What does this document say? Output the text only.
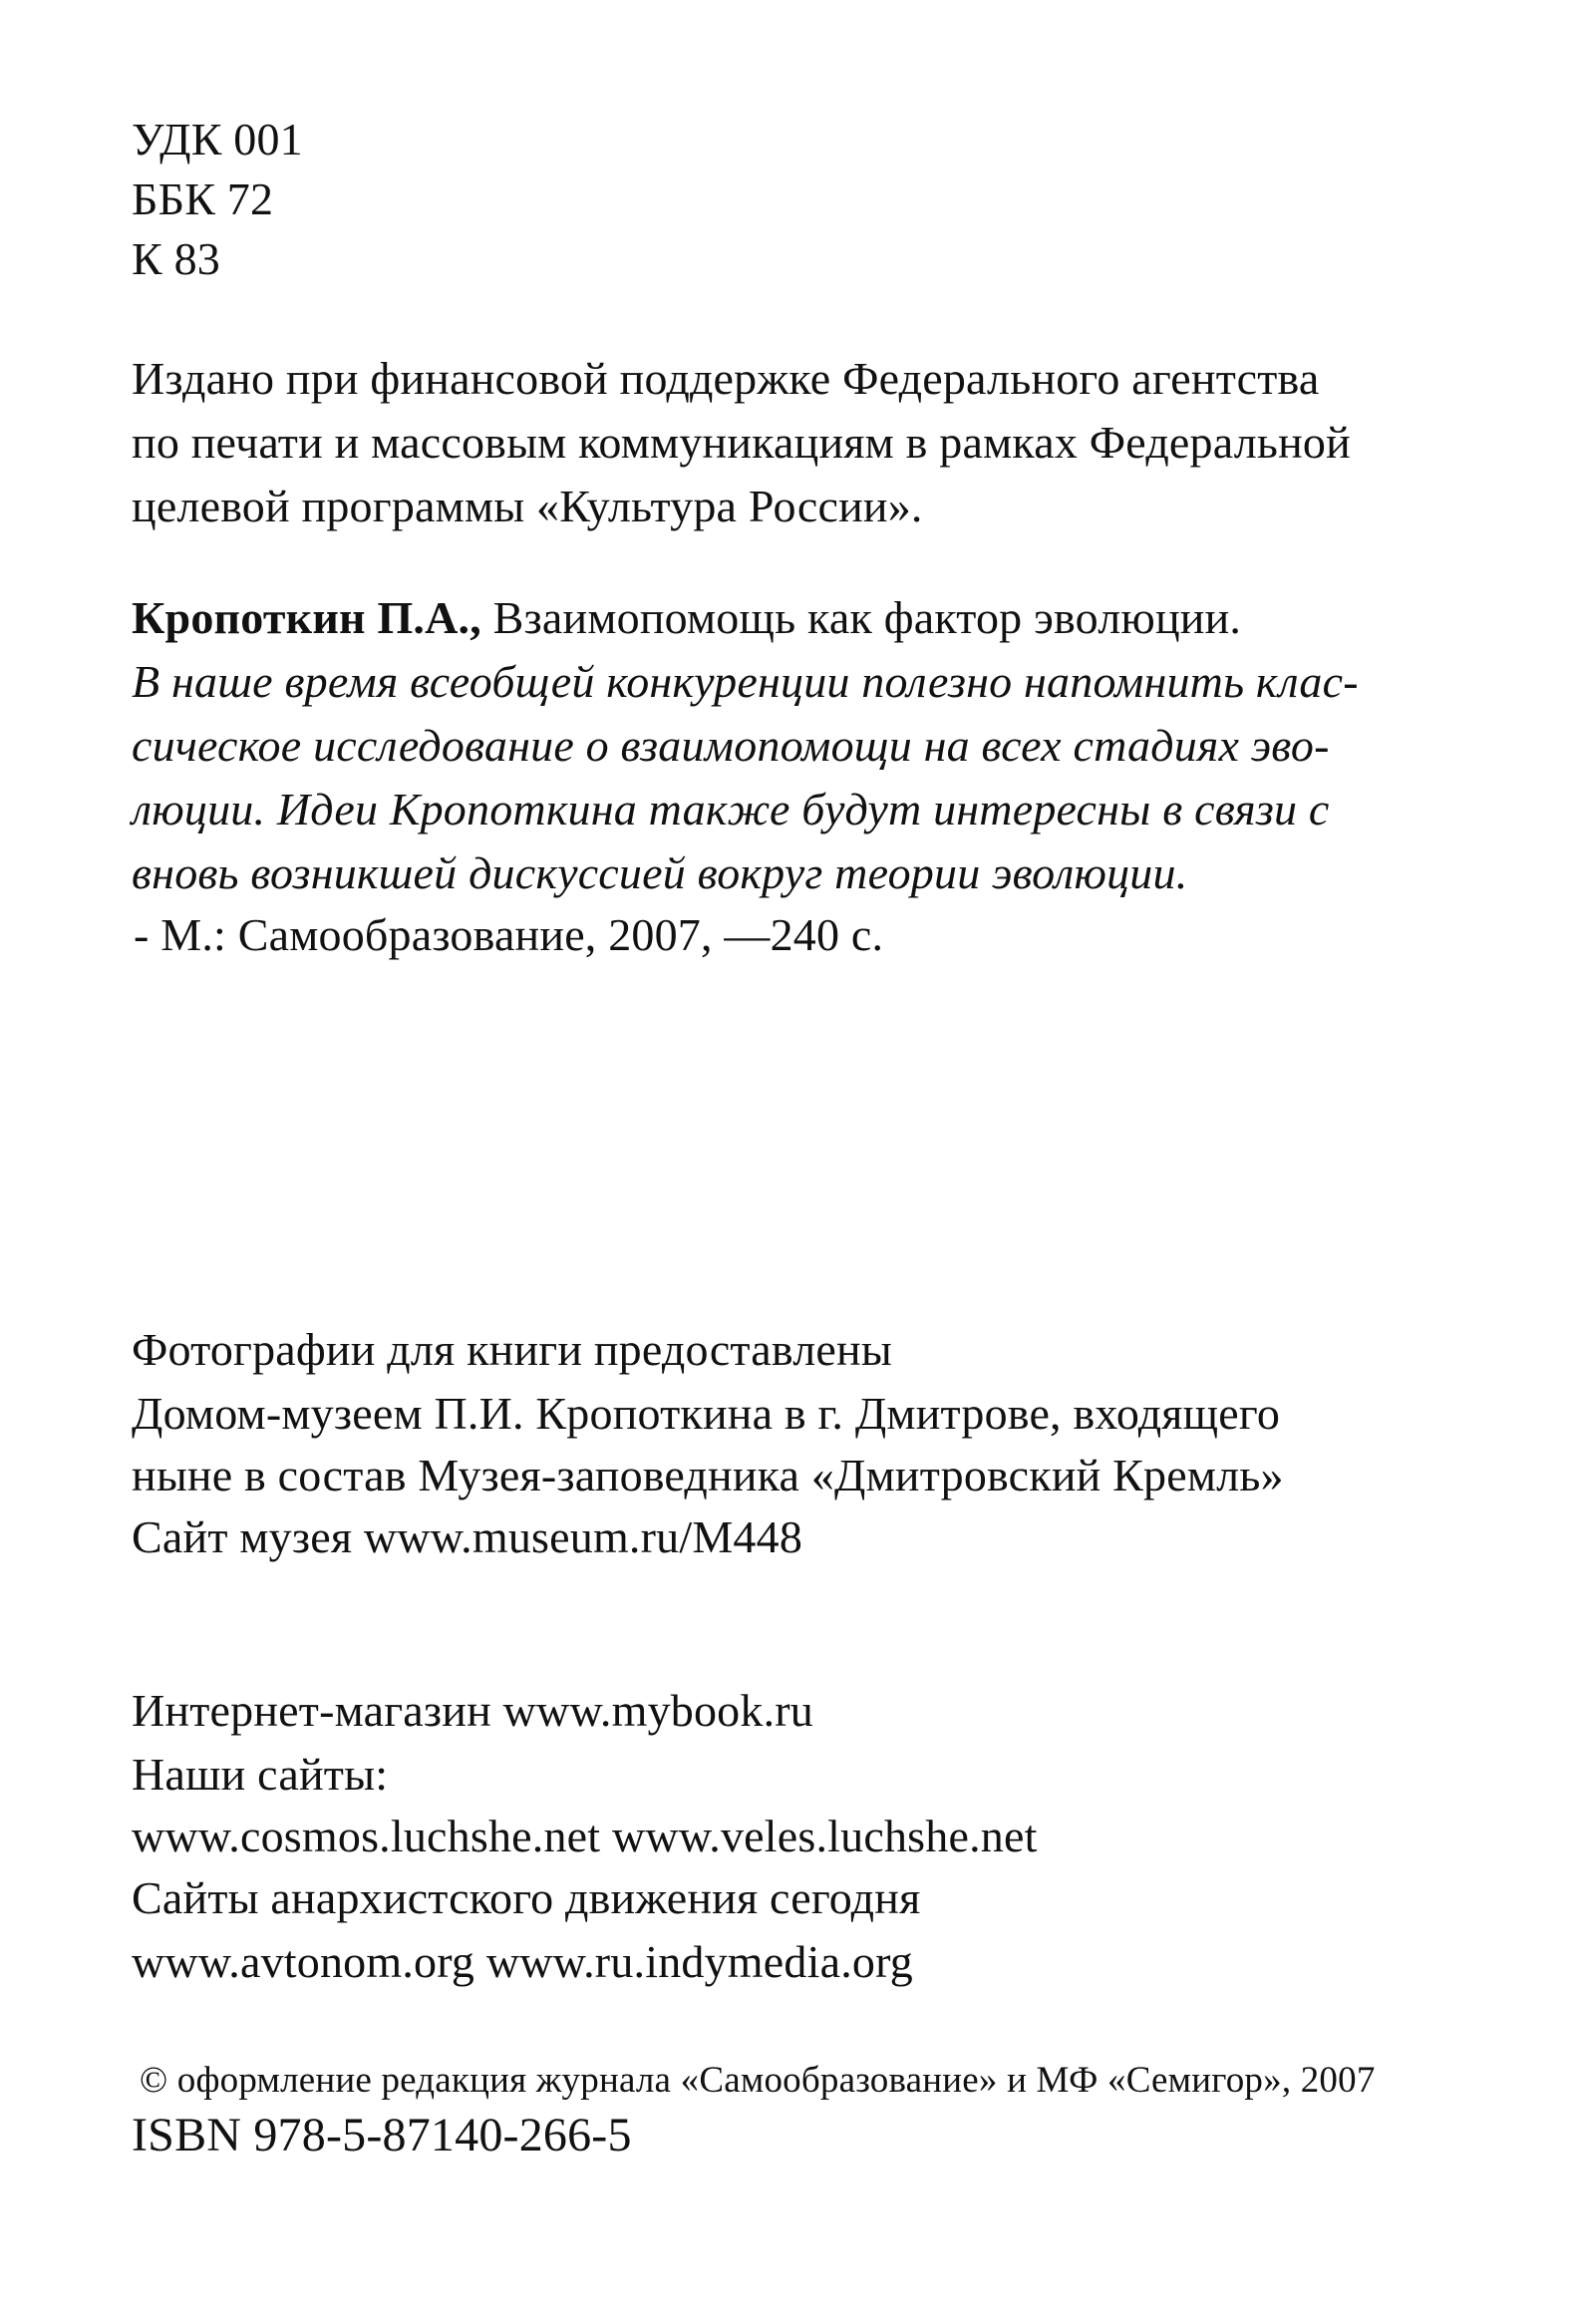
УДК 001
ББК 72
К 83
Издано при финансовой поддержке Федерального агентства
по печати и массовым коммуникациям в рамках Федеральной
целевой программы «Культура России».
Кропоткин П.А., Взаимопомощь как фактор эволюции.
В наше время всеобщей конкуренции полезно напомнить клас-
сическое исследование о взаимопомощи на всех стадиях эво-
люции. Идеи Кропоткина также будут интересны в связи с
вновь возникшей дискуссией вокруг теории эволюции.
- М.: Самообразование, 2007, —240 с.
Фотографии для книги предоставлены
Домом-музеем П.И. Кропоткина в г. Дмитрове, входящего
ныне в состав Музея-заповедника «Дмитровский Кремль»
Сайт музея www.museum.ru/M448
Интернет-магазин www.mybook.ru
Наши сайты:
www.cosmos.luchshe.net www.veles.luchshe.net
Сайты анархистского движения сегодня
www.avtonom.org www.ru.indymedia.org
© оформление редакция журнала «Самообразование» и МФ «Семигор», 2007
ISBN 978-5-87140-266-5
